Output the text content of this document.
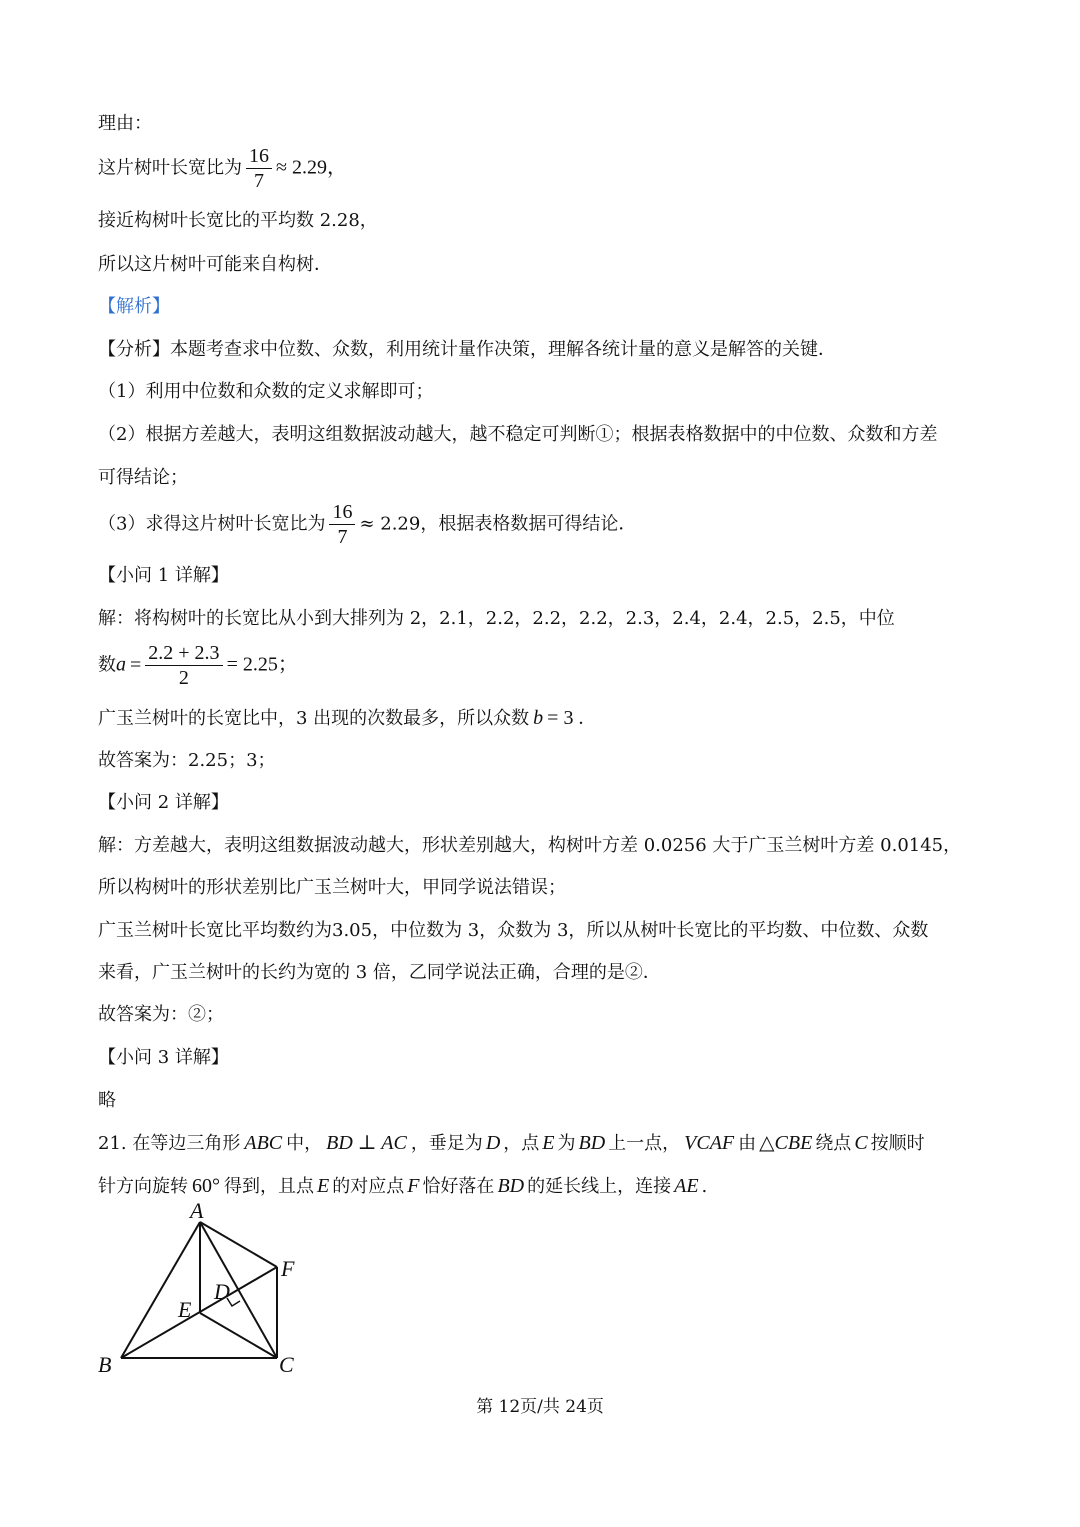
理由：
这片树叶长宽比为 $\frac{16}{7} \approx 2.29$，
接近构树叶长宽比的平均数 2.28，
所以这片树叶可能来自构树．
【解析】
【分析】本题考查求中位数、众数，利用统计量作决策，理解各统计量的意义是解答的关键．
（1）利用中位数和众数的定义求解即可；
（2）根据方差越大，表明这组数据波动越大，越不稳定可判断①；根据表格数据中的中位数、众数和方差
可得结论；
（3）求得这片树叶长宽比为 $\frac{16}{7} \approx 2.29$，根据表格数据可得结论．
【小问 1 详解】
解：将构树叶的长宽比从小到大排列为 2，2.1，2.2，2.2，2.2，2.3，2.4，2.4，2.5，2.5，中位
数$a = \frac{2.2 + 2.3}{2} = 2.25$；
广玉兰树叶的长宽比中，3 出现的次数最多，所以众数 b = 3 .
故答案为：2.25；3；
【小问 2 详解】
解：方差越大，表明这组数据波动越大，形状差别越大，构树叶方差 0.0256 大于广玉兰树叶方差 0.0145，
所以构树叶的形状差别比广玉兰树叶大，甲同学说法错误；
广玉兰树叶长宽比平均数约为3.05，中位数为 3，众数为 3，所以从树叶长宽比的平均数、中位数、众数
来看，广玉兰树叶的长约为宽的 3 倍，乙同学说法正确，合理的是②．
故答案为：②；
【小问 3 详解】
略
21. 在等边三角形 ABC 中， BD ⊥ AC ，垂足为 D ，点 E 为 BD 上一点， VCAF 由 △CBE 绕点 C 按顺时
针方向旋转 60° 得到，且点 E 的对应点 F 恰好落在 BD 的延长线上，连接 AE .
A
F
D
E
B	C
第 12页/共 24页
